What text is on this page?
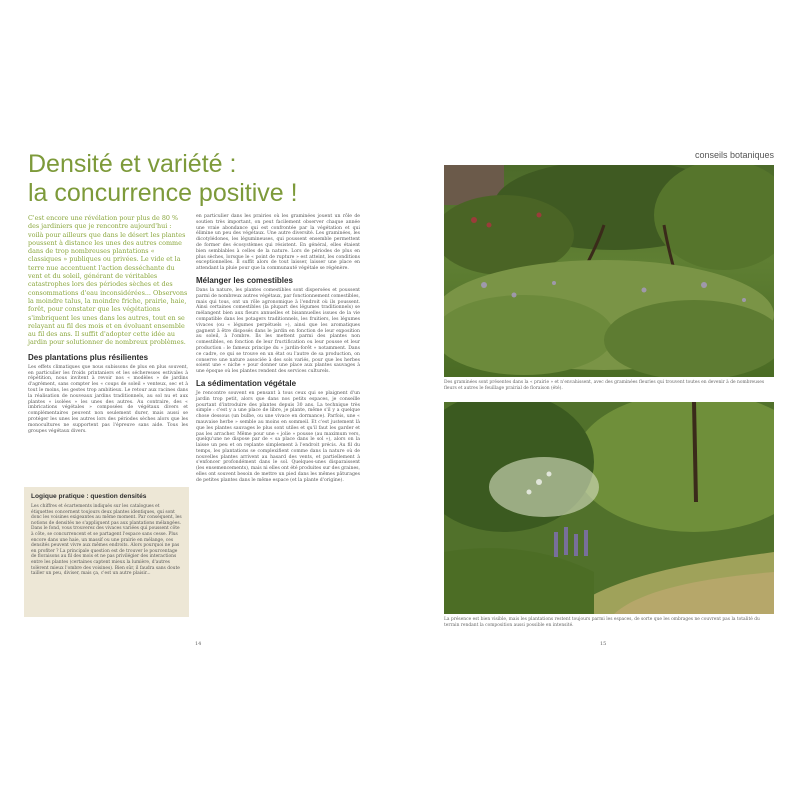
Densité et variété :
la concurrence positive !

C'est encore une révélation pour plus de 80 % des jardiniers que je rencontre aujourd'hui : voilà pour ailleurs que dans le désert les plantes poussent à distance les unes des autres comme dans de trop nombreuses plantations « classiques » publiques ou privées. Le vide et la terre nue accentuent l'action desséchante du vent et du soleil, générant de véritables catastrophes lors des périodes sèches et des consommations d'eau inconsidérées... Observons la moindre talus, la moindre friche, prairie, haie, forêt, pour constater que les végétations s'imbriquent les unes dans les autres, tout en se relayant au fil des mois et en évoluant ensemble au fil des ans. Il suffit d'adopter cette idée au jardin pour solutionner de nombreux problèmes.

Des plantations plus résilientes

Les effets climatiques que nous subissons de plus en plus souvent, en particulier les froids printaniers et les sécheresses estivales à répétition, nous invitent à revoir nos « modèles » de jardins d'agrément, sans compter les « coups de soleil » venteux, sec et à tout le moins, les gestes trop ambitieux. Le retour aux racines dans la réalisation de nouveaux jardins traditionnels, au sol nu et aux plantes « isolées » les unes des autres. Au contraire, des « imbrications végétales » composées de végétaux divers et complémentaires peuvent non seulement durer, mais aussi se protéger les unes les autres lors des périodes sèches alors que les monocultures ne supportent pas l'épreuve sans aide. Tous les groupes végétaux divers.

Logique pratique : question densités
Les chiffres et écartements indiqués sur les catalogues et étiquettes concernent toujours deux plantes identiques, qui sont donc les voisines exigeantes au même moment. Par conséquent, les notions de densités ne s'appliquent pas aux plantations mélangées. Dans le fond, vous trouverez des vivaces variées qui poussent côte à côte, se concurrencent et se partagent l'espace sans cesse. Plus encore dans une haie, un massif ou une prairie en mélange, ces densités peuvent vivre aux mêmes endroits. Alors pourquoi ne pas en profiter ? La principale question est de trouver le pourcentage de floraisons au fil des mois et ne pas privilégier des interactions entre les plantes (certaines captent mieux la lumière, d'autres tolèrent mieux l'ombre des voisines). Bien sûr, il faudra sans doute tailler un peu, diviser, mais ça, c'est un autre plaisir...

en particulier dans les prairies où les graminées jouent un rôle de soutien très important, on peut facilement observer chaque année une vraie abondance qui est confrontée par la végétation et qui élimine un peu des végétaux. Une autre diversité. Les graminées, les dicotylédones, les légumineuses, qui poussent ensemble permettent de former des écosystèmes qui résistent. En général, elles étaient bien semblables à celles de la nature. Lors de périodes de plus en plus sèches, lorsque le « point de rupture » est atteint, les conditions exceptionnelles. Il suffit alors de tout laisser, laisser une place en attendant la pluie pour que la communauté végétale se régénère.

Mélanger les comestibles

Dans la nature, les plantes comestibles sont dispersées et poussent parmi de nombreux autres végétaux, par fonctionnement comestibles, mais qui tous, ont un rôle agronomique à l'endroit où ils poussent. Ainsi certaines comestibles (la plupart des légumes traditionnels) se mélangent bien aux fleurs annuelles et bisannuelles issues de la vie compatible dans les potagers traditionnels, les fruitiers, les légumes vivaces (ou « légumes perpétuels »), ainsi que les aromatiques gagnent à être disposés dans le jardin en fonction de leur exposition au soleil, à l'ombre. Ils les mettent parmi des plantes non comestibles, en fonction de leur fructification ou leur pousse et leur production : le fameux principe du « jardin-forêt » notamment. Dans ce cadre, ce qui se trouve en un état ou l'autre de sa production, on conserve une nature associée à des sols variés, pour que les herbes soient une « niche » pour donner une place aux plantes sauvages à une époque où les plantes rendent des services culturels.

La sédimentation végétale

Je rencontre souvent en pensant à tous ceux qui se plaignent d'un jardin trop petit, alors que dans nos petits espaces, je conseille pourtant d'introduire des plantes depuis 30 ans. La technique très simple : c'est y a une place de libre, je plante, même s'il y a quelque chose dessous (un bulbe, ou une vivace en dormance). Parfois, une « mauvaise herbe » semble au moins en sommeil. Et c'est justement là que les plantes sauvages le plus sont utiles et qu'il faut les garder et pas les arracher. Même pour une « jolie » pousse (au maximum vers, quelqu'une ne dispose par de « sa place dans le sol »), alors on la laisse un peu et on replante simplement à l'endroit précis. Au fil du temps, les plantations se complexifient comme dans la nature où de nouvelles plantes arrivent au hasard des vents, et partiellement à s'enfoncer profondément dans le sol. Quelques-unes disparaissent (les ensemencements), mais ni elles ont été produites sur des graines, elles ont souvent besoin de mettre un pied dans les mêmes pâturages de petites plantes dans le même espace (et la plante d'origine).

14
conseils botaniques
Des graminées sont présentes dans la « prairie » et n'envahissent, avec des graminées fleuries qui trouvent toutes en devenir à de nombreuses fleurs et autres le feuillage prairial de floraison (été).
La présence est bien visible, mais les plantations restent toujours parmi les espaces, de sorte que les ombrages ne couvrent pas la totalité du terrain rendant la composition aussi possible en intensité.
15
